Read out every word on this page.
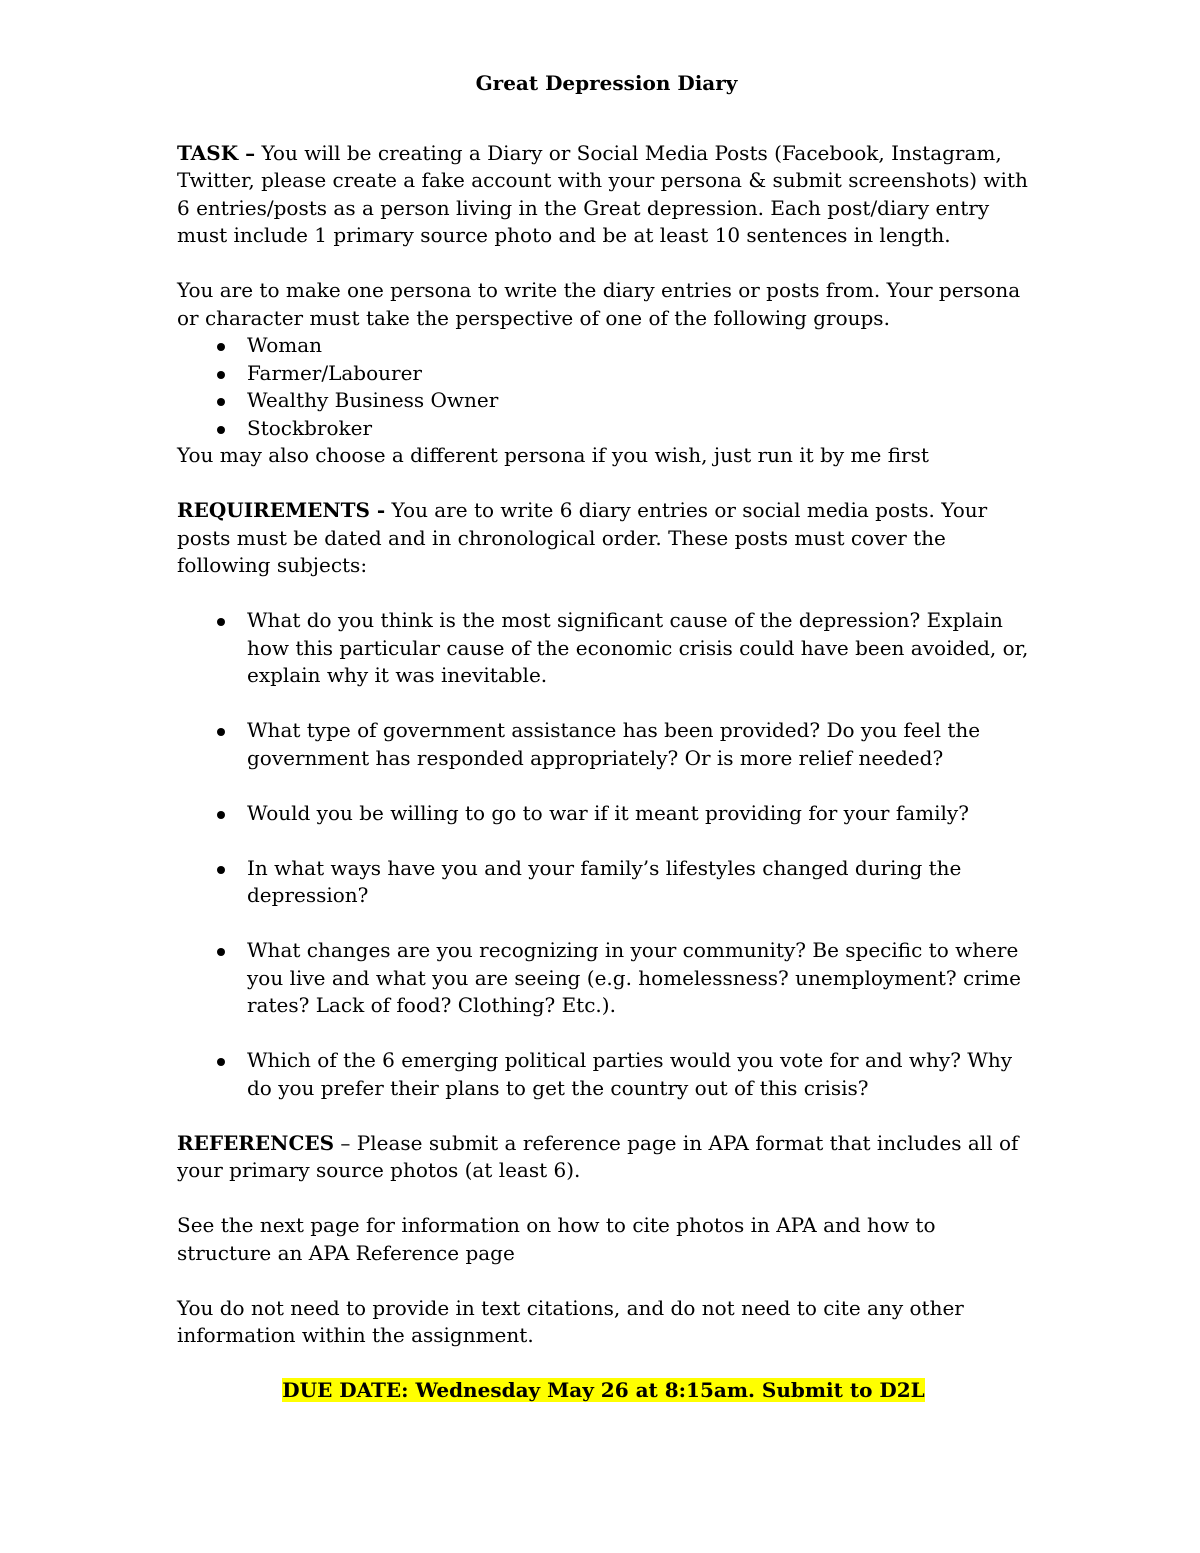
Great Depression Diary

TASK – You will be creating a Diary or Social Media Posts (Facebook, Instagram, Twitter, please create a fake account with your persona & submit screenshots) with 6 entries/posts as a person living in the Great depression. Each post/diary entry must include 1 primary source photo and be at least 10 sentences in length.

You are to make one persona to write the diary entries or posts from. Your persona or character must take the perspective of one of the following groups.

Woman
Farmer/Labourer
Wealthy Business Owner
Stockbroker

You may also choose a different persona if you wish, just run it by me first

REQUIREMENTS - You are to write 6 diary entries or social media posts. Your posts must be dated and in chronological order. These posts must cover the following subjects:

What do you think is the most significant cause of the depression? Explain how this particular cause of the economic crisis could have been avoided, or, explain why it was inevitable.
What type of government assistance has been provided? Do you feel the government has responded appropriately? Or is more relief needed?
Would you be willing to go to war if it meant providing for your family?
In what ways have you and your family’s lifestyles changed during the depression?
What changes are you recognizing in your community? Be specific to where you live and what you are seeing (e.g. homelessness? unemployment? crime rates? Lack of food? Clothing? Etc.).
Which of the 6 emerging political parties would you vote for and why? Why do you prefer their plans to get the country out of this crisis?

REFERENCES – Please submit a reference page in APA format that includes all of your primary source photos (at least 6).

See the next page for information on how to cite photos in APA and how to structure an APA Reference page

You do not need to provide in text citations, and do not need to cite any other information within the assignment.

DUE DATE: Wednesday May 26 at 8:15am. Submit to D2L
